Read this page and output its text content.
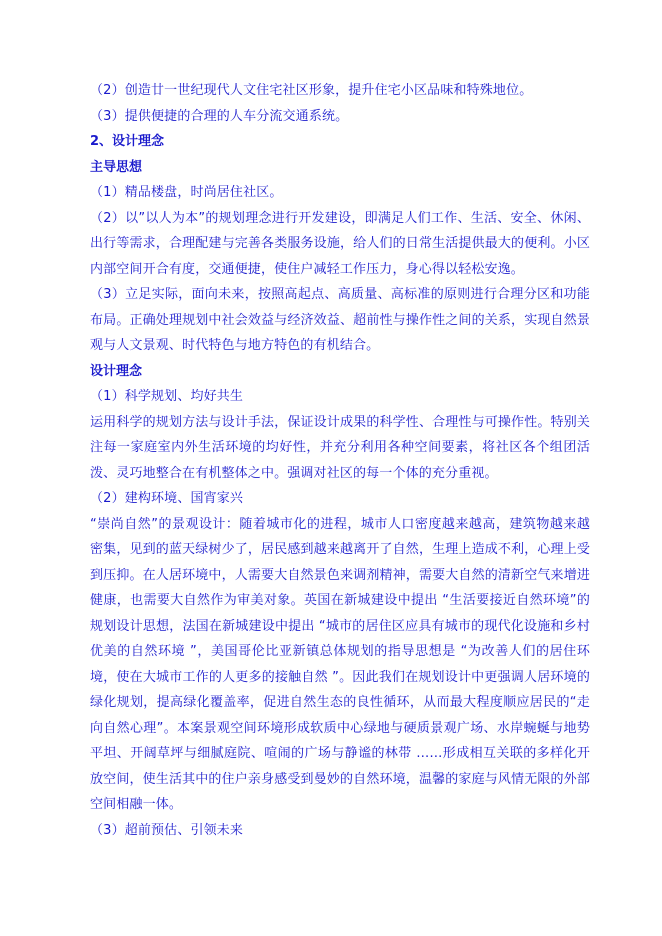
（2）创造廿一世纪现代人文住宅社区形象，提升住宅小区品味和特殊地位。

（3）提供便捷的合理的人车分流交通系统。

2、设计理念

主导思想

（1）精品楼盘，时尚居住社区。

（2）以”以人为本”的规划理念进行开发建设，即满足人们工作、生活、安全、休闲、出行等需求，合理配建与完善各类服务设施，给人们的日常生活提供最大的便利。小区内部空间开合有度，交通便捷，使住户减轻工作压力，身心得以轻松安逸。

（3）立足实际，面向未来，按照高起点、高质量、高标准的原则进行合理分区和功能布局。正确处理规划中社会效益与经济效益、超前性与操作性之间的关系，实现自然景观与人文景观、时代特色与地方特色的有机结合。

设计理念

（1）科学规划、均好共生

运用科学的规划方法与设计手法，保证设计成果的科学性、合理性与可操作性。特别关注每一家庭室内外生活环境的均好性，并充分利用各种空间要素，将社区各个组团活泼、灵巧地整合在有机整体之中。强调对社区的每一个体的充分重视。

（2）建构环境、国宵家兴

“崇尚自然”的景观设计：随着城市化的进程，城市人口密度越来越高，建筑物越来越密集，见到的蓝天绿树少了，居民感到越来越离开了自然，生理上造成不利，心理上受到压抑。在人居环境中，人需要大自然景色来调剂精神，需要大自然的清新空气来增进健康，也需要大自然作为审美对象。英国在新城建设中提出 “生活要接近自然环境”的规划设计思想，法国在新城建设中提出 “城市的居住区应具有城市的现代化设施和乡村优美的自然环境 ”，美国哥伦比亚新镇总体规划的指导思想是 “为改善人们的居住环境，使在大城市工作的人更多的接触自然 ”。因此我们在规划设计中更强调人居环境的绿化规划，提高绿化覆盖率，促进自然生态的良性循环，从而最大程度顺应居民的“走向自然心理”。本案景观空间环境形成软质中心绿地与硬质景观广场、水岸蜿蜒与地势平坦、开阔草坪与细腻庭院、喧闹的广场与静谧的林带 ……形成相互关联的多样化开放空间，使生活其中的住户亲身感受到曼妙的自然环境，温馨的家庭与风情无限的外部空间相融一体。

（3）超前预估、引领未来
